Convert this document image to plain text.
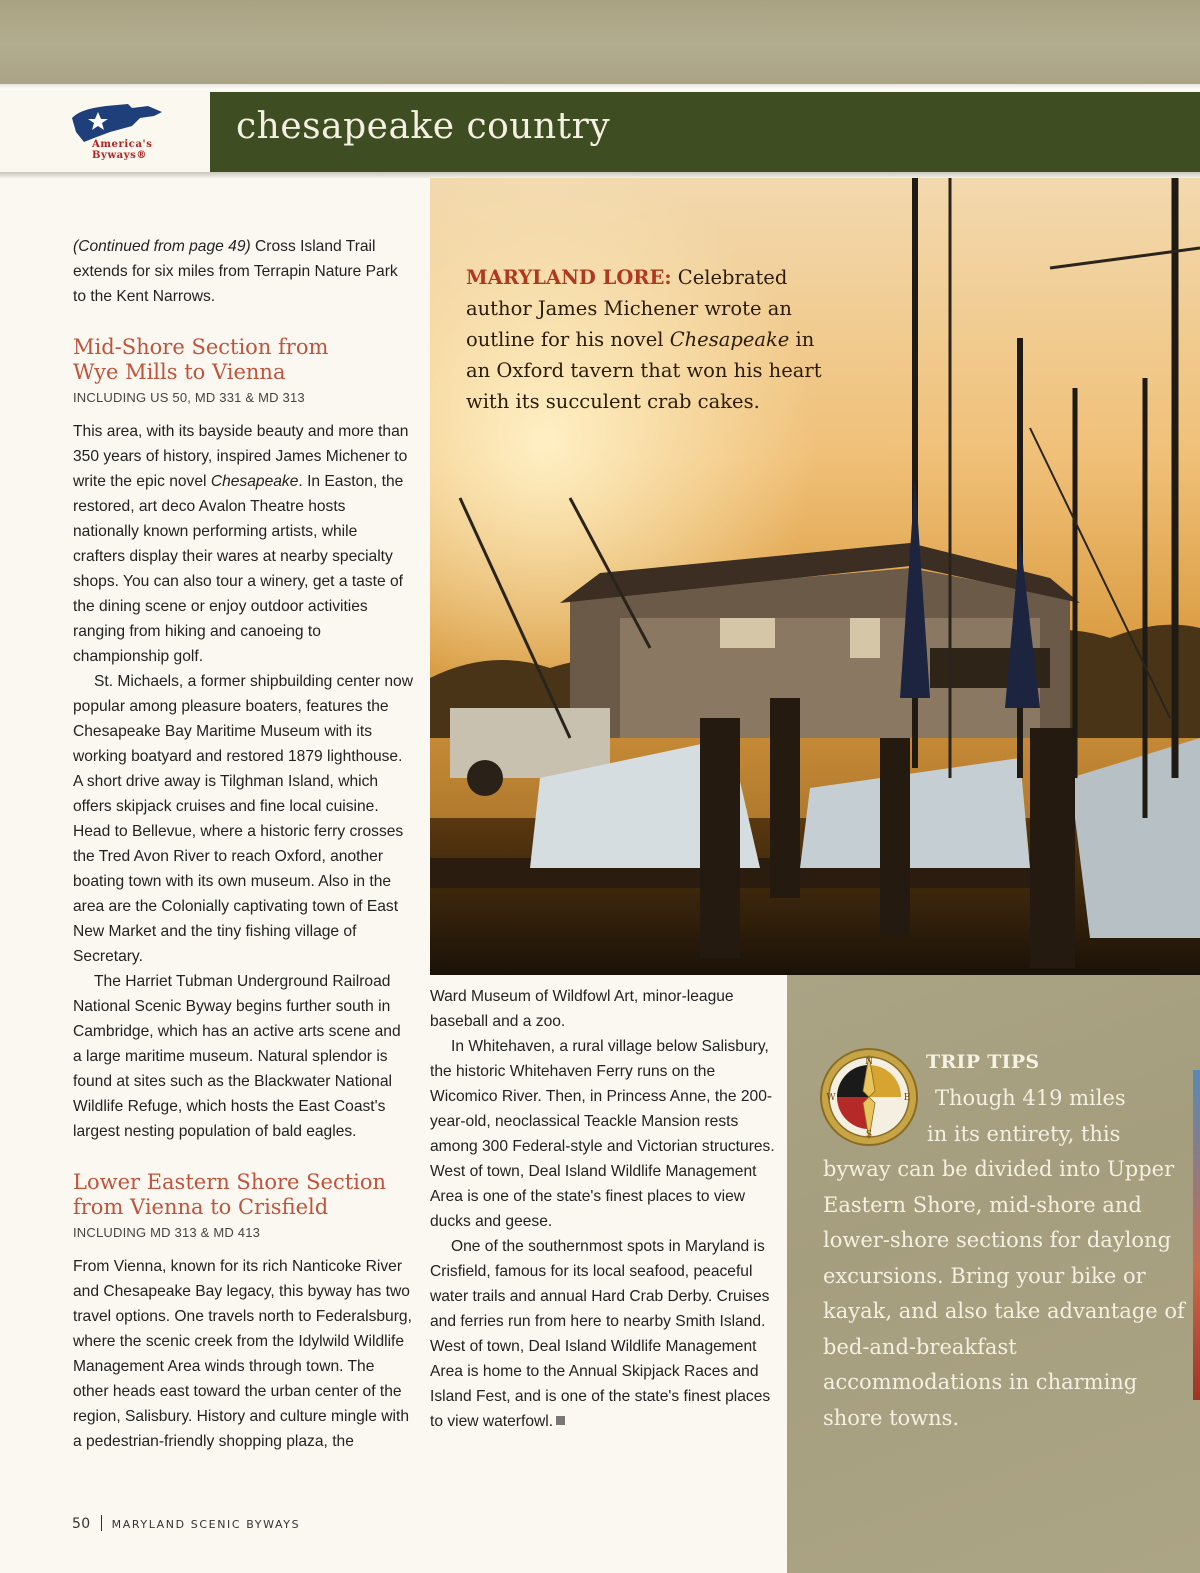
America's
Byways®
chesapeake country

(Continued from page 49) Cross Island Trail extends for six miles from Terrapin Nature Park to the Kent Narrows.

Mid-Shore Section from
Wye Mills to Vienna
INCLUDING US 50, MD 331 & MD 313

This area, with its bayside beauty and more than 350 years of history, inspired James Michener to write the epic novel Chesapeake. In Easton, the restored, art deco Avalon Theatre hosts nationally known performing artists, while crafters display their wares at nearby specialty shops. You can also tour a winery, get a taste of the dining scene or enjoy outdoor activities ranging from hiking and canoeing to championship golf.

St. Michaels, a former shipbuilding center now popular among pleasure boaters, features the Chesapeake Bay Maritime Museum with its working boatyard and restored 1879 lighthouse. A short drive away is Tilghman Island, which offers skipjack cruises and fine local cuisine. Head to Bellevue, where a historic ferry crosses the Tred Avon River to reach Oxford, another boating town with its own museum. Also in the area are the Colonially captivating town of East New Market and the tiny fishing village of Secretary.

The Harriet Tubman Underground Railroad National Scenic Byway begins further south in Cambridge, which has an active arts scene and a large maritime museum. Natural splendor is found at sites such as the Blackwater National Wildlife Refuge, which hosts the East Coast's largest nesting population of bald eagles.

Lower Eastern Shore Section
from Vienna to Crisfield
INCLUDING MD 313 & MD 413

From Vienna, known for its rich Nanticoke River and Chesapeake Bay legacy, this byway has two travel options. One travels north to Federalsburg, where the scenic creek from the Idylwild Wildlife Management Area winds through town. The other heads east toward the urban center of the region, Salisbury. History and culture mingle with a pedestrian-friendly shopping plaza, the

MARYLAND LORE: Celebrated author James Michener wrote an outline for his novel Chesapeake in an Oxford tavern that won his heart with its succulent crab cakes.

Ward Museum of Wildfowl Art, minor-league baseball and a zoo.

In Whitehaven, a rural village below Salisbury, the historic Whitehaven Ferry runs on the Wicomico River. Then, in Princess Anne, the 200-year-old, neoclassical Teackle Mansion rests among 300 Federal-style and Victorian structures. West of town, Deal Island Wildlife Management Area is one of the state's finest places to view ducks and geese.

One of the southernmost spots in Maryland is Crisfield, famous for its local seafood, peaceful water trails and annual Hard Crab Derby. Cruises and ferries run from here to nearby Smith Island. West of town, Deal Island Wildlife Management Area is home to the Annual Skipjack Races and Island Fest, and is one of the state's finest places to view waterfowl.

N
S
E
W
TRIP TIPS
Though 419 miles
in its entirety, this
byway can be divided into Upper Eastern Shore, mid-shore and lower-shore sections for daylong excursions. Bring your bike or kayak, and also take advantage of bed-and-breakfast accommodations in charming shore towns.
50 MARYLAND SCENIC BYWAYS
